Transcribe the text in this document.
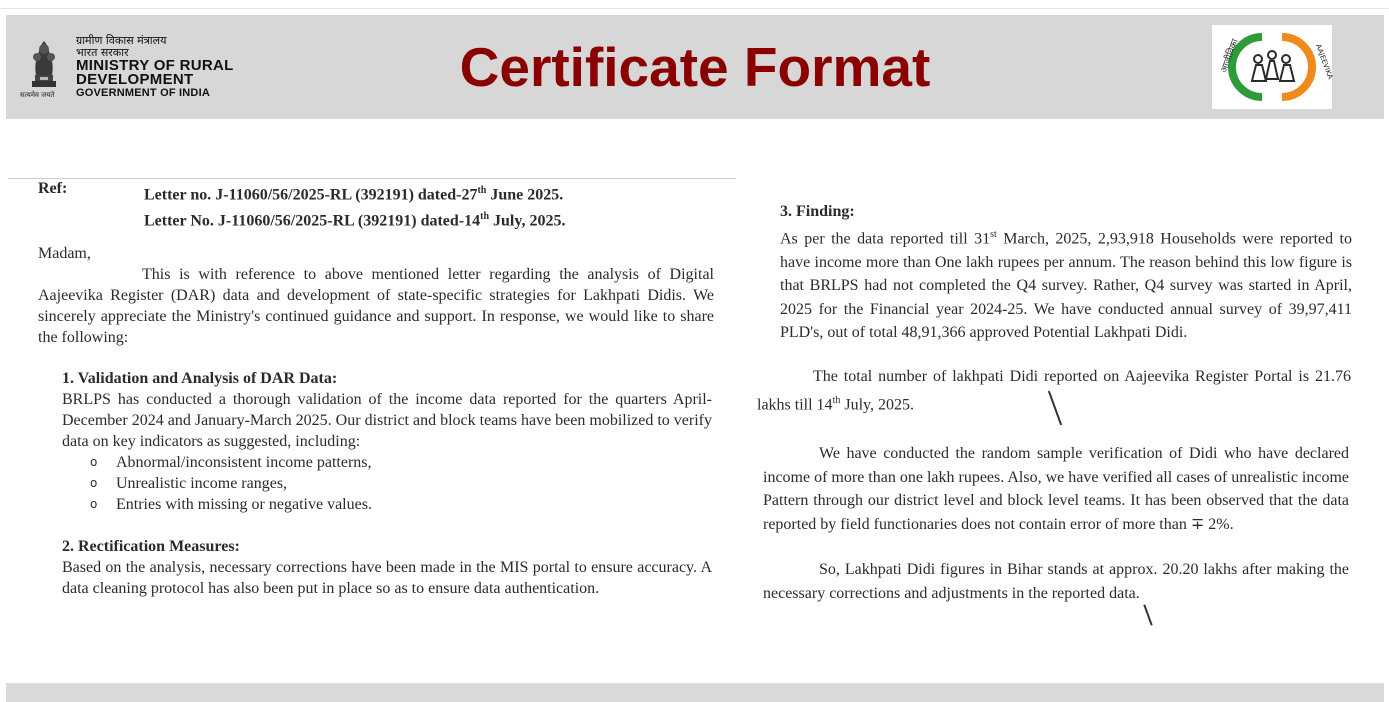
सत्यमेव जयते
ग्रामीण विकास मंत्रालय
भारत सरकार
MINISTRY OF RURAL
DEVELOPMENT
GOVERNMENT OF INDIA	Certificate Format	आजीविका	AAJEEVIKA
Ref:	Letter no. J-11060/56/2025-RL (392191) dated-27th June 2025.
Letter No. J-11060/56/2025-RL (392191) dated-14th July, 2025.
Madam,
This is with reference to above mentioned letter regarding the analysis of Digital Aajeevika Register (DAR) data and development of state-specific strategies for Lakhpati Didis. We sincerely appreciate the Ministry's continued guidance and support. In response, we would like to share the following:
1. Validation and Analysis of DAR Data:
BRLPS has conducted a thorough validation of the income data reported for the quarters April-December 2024 and January-March 2025. Our district and block teams have been mobilized to verify data on key indicators as suggested, including:
o Abnormal/inconsistent income patterns,
o Unrealistic income ranges,
o Entries with missing or negative values.
2. Rectification Measures:
Based on the analysis, necessary corrections have been made in the MIS portal to ensure accuracy. A data cleaning protocol has also been put in place so as to ensure data authentication.
3. Finding:
As per the data reported till 31st March, 2025, 2,93,918 Households were reported to have income more than One lakh rupees per annum. The reason behind this low figure is that BRLPS had not completed the Q4 survey. Rather, Q4 survey was started in April, 2025 for the Financial year 2024-25. We have conducted annual survey of 39,97,411 PLD's, out of total 48,91,366 approved Potential Lakhpati Didi.
The total number of lakhpati Didi reported on Aajeevika Register Portal is 21.76 lakhs till 14th July, 2025.
We have conducted the random sample verification of Didi who have declared income of more than one lakh rupees. Also, we have verified all cases of unrealistic income Pattern through our district level and block level teams. It has been observed that the data reported by field functionaries does not contain error of more than ∓ 2%.
So, Lakhpati Didi figures in Bihar stands at approx. 20.20 lakhs after making the necessary corrections and adjustments in the reported data.
